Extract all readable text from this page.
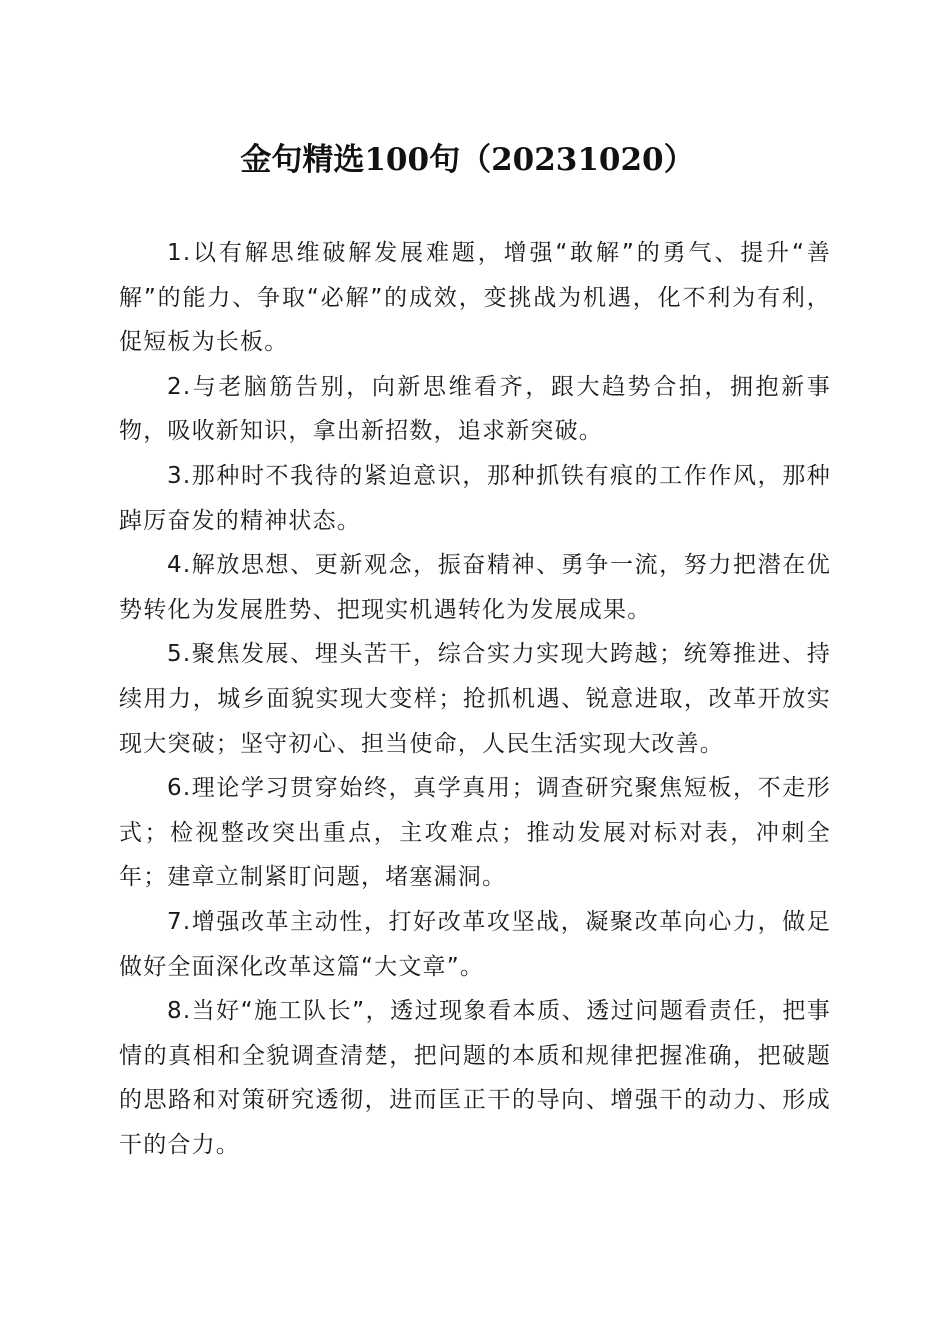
金句精选100句（20231020）

1.以有解思维破解发展难题，增强“敢解”的勇气、提升“善解”的能力、争取“必解”的成效，变挑战为机遇，化不利为有利，促短板为长板。

2.与老脑筋告别，向新思维看齐，跟大趋势合拍，拥抱新事物，吸收新知识，拿出新招数，追求新突破。

3.那种时不我待的紧迫意识，那种抓铁有痕的工作作风，那种踔厉奋发的精神状态。

4.解放思想、更新观念，振奋精神、勇争一流，努力把潜在优势转化为发展胜势、把现实机遇转化为发展成果。

5.聚焦发展、埋头苦干，综合实力实现大跨越；统筹推进、持续用力，城乡面貌实现大变样；抢抓机遇、锐意进取，改革开放实现大突破；坚守初心、担当使命，人民生活实现大改善。

6.理论学习贯穿始终，真学真用；调查研究聚焦短板，不走形式；检视整改突出重点，主攻难点；推动发展对标对表，冲刺全年；建章立制紧盯问题，堵塞漏洞。

7.增强改革主动性，打好改革攻坚战，凝聚改革向心力，做足做好全面深化改革这篇“大文章”。

8.当好“施工队长”，透过现象看本质、透过问题看责任，把事情的真相和全貌调查清楚，把问题的本质和规律把握准确，把破题的思路和对策研究透彻，进而匡正干的导向、增强干的动力、形成干的合力。
